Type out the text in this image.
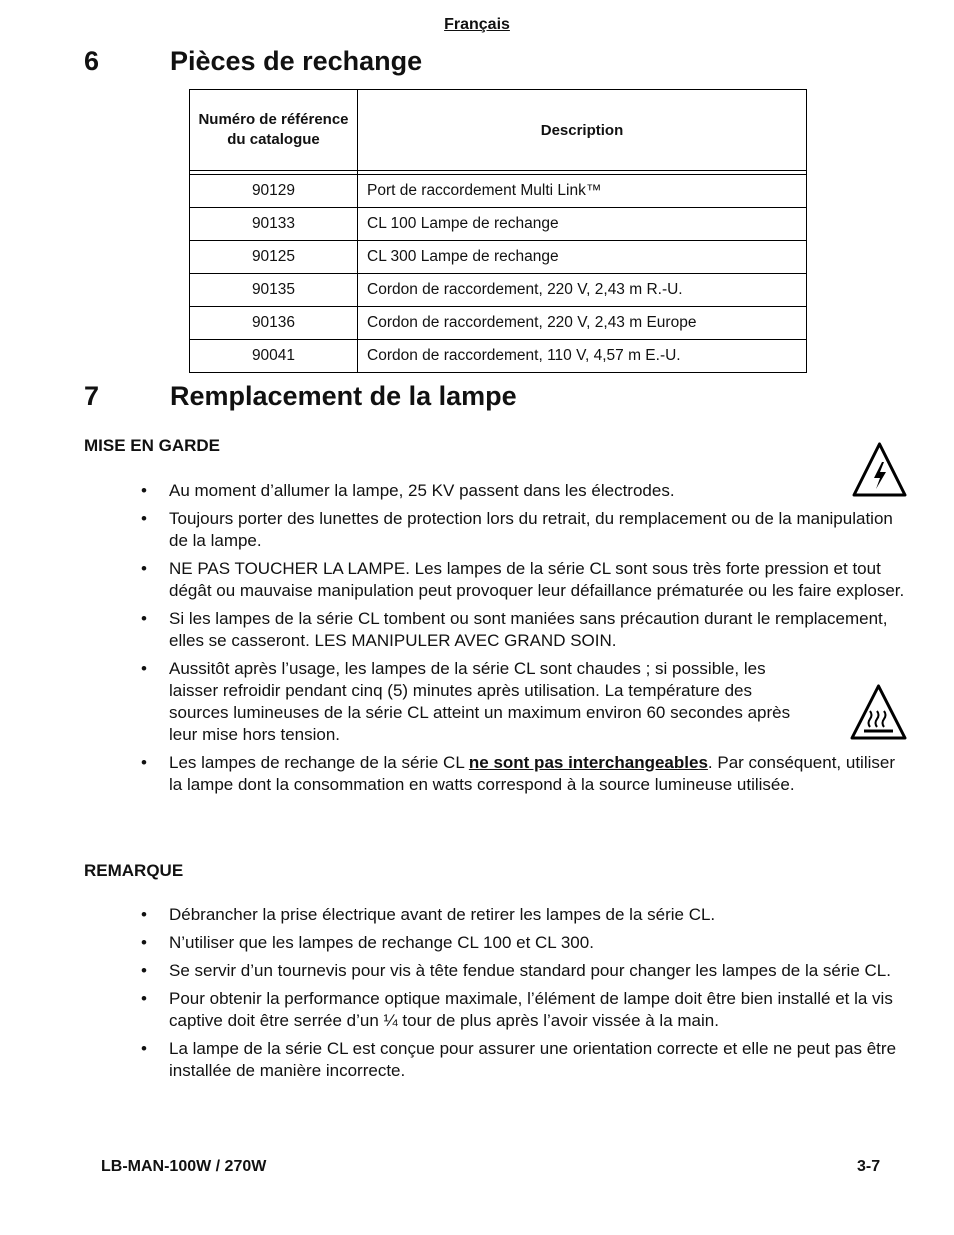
Français
6	Pièces de rechange
Numéro de référence du catalogue	Description

90129	Port de raccordement Multi Link™
90133	CL 100 Lampe de rechange
90125	CL 300 Lampe de rechange
90135	Cordon de raccordement, 220 V, 2,43 m R.-U.
90136	Cordon de raccordement, 220 V, 2,43 m Europe
90041	Cordon de raccordement, 110 V, 4,57 m E.-U.
7	Remplacement de la lampe
MISE EN GARDE
• Au moment d’allumer la lampe, 25 KV passent dans les électrodes.
• Toujours porter des lunettes de protection lors du retrait, du remplacement ou de la manipulation de la lampe.
• NE PAS TOUCHER LA LAMPE. Les lampes de la série CL sont sous très forte pression et tout dégât ou mauvaise manipulation peut provoquer leur défaillance prématurée ou les faire exploser.
• Si les lampes de la série CL tombent ou sont maniées sans précaution durant le remplacement, elles se casseront. LES MANIPULER AVEC GRAND SOIN.
• Aussitôt après l’usage, les lampes de la série CL sont chaudes ; si possible, les laisser refroidir pendant cinq (5) minutes après utilisation. La température des sources lumineuses de la série CL atteint un maximum environ 60 secondes après leur mise hors tension.
• Les lampes de rechange de la série CL ne sont pas interchangeables. Par conséquent, utiliser la lampe dont la consommation en watts correspond à la source lumineuse utilisée.
REMARQUE
• Débrancher la prise électrique avant de retirer les lampes de la série CL.
• N’utiliser que les lampes de rechange CL 100 et CL 300.
• Se servir d’un tournevis pour vis à tête fendue standard pour changer les lampes de la série CL.
• Pour obtenir la performance optique maximale, l’élément de lampe doit être bien installé et la vis captive doit être serrée d’un ¼ tour de plus après l’avoir vissée à la main.
• La lampe de la série CL est conçue pour assurer une orientation correcte et elle ne peut pas être installée de manière incorrecte.
LB-MAN-100W / 270W	3-7
